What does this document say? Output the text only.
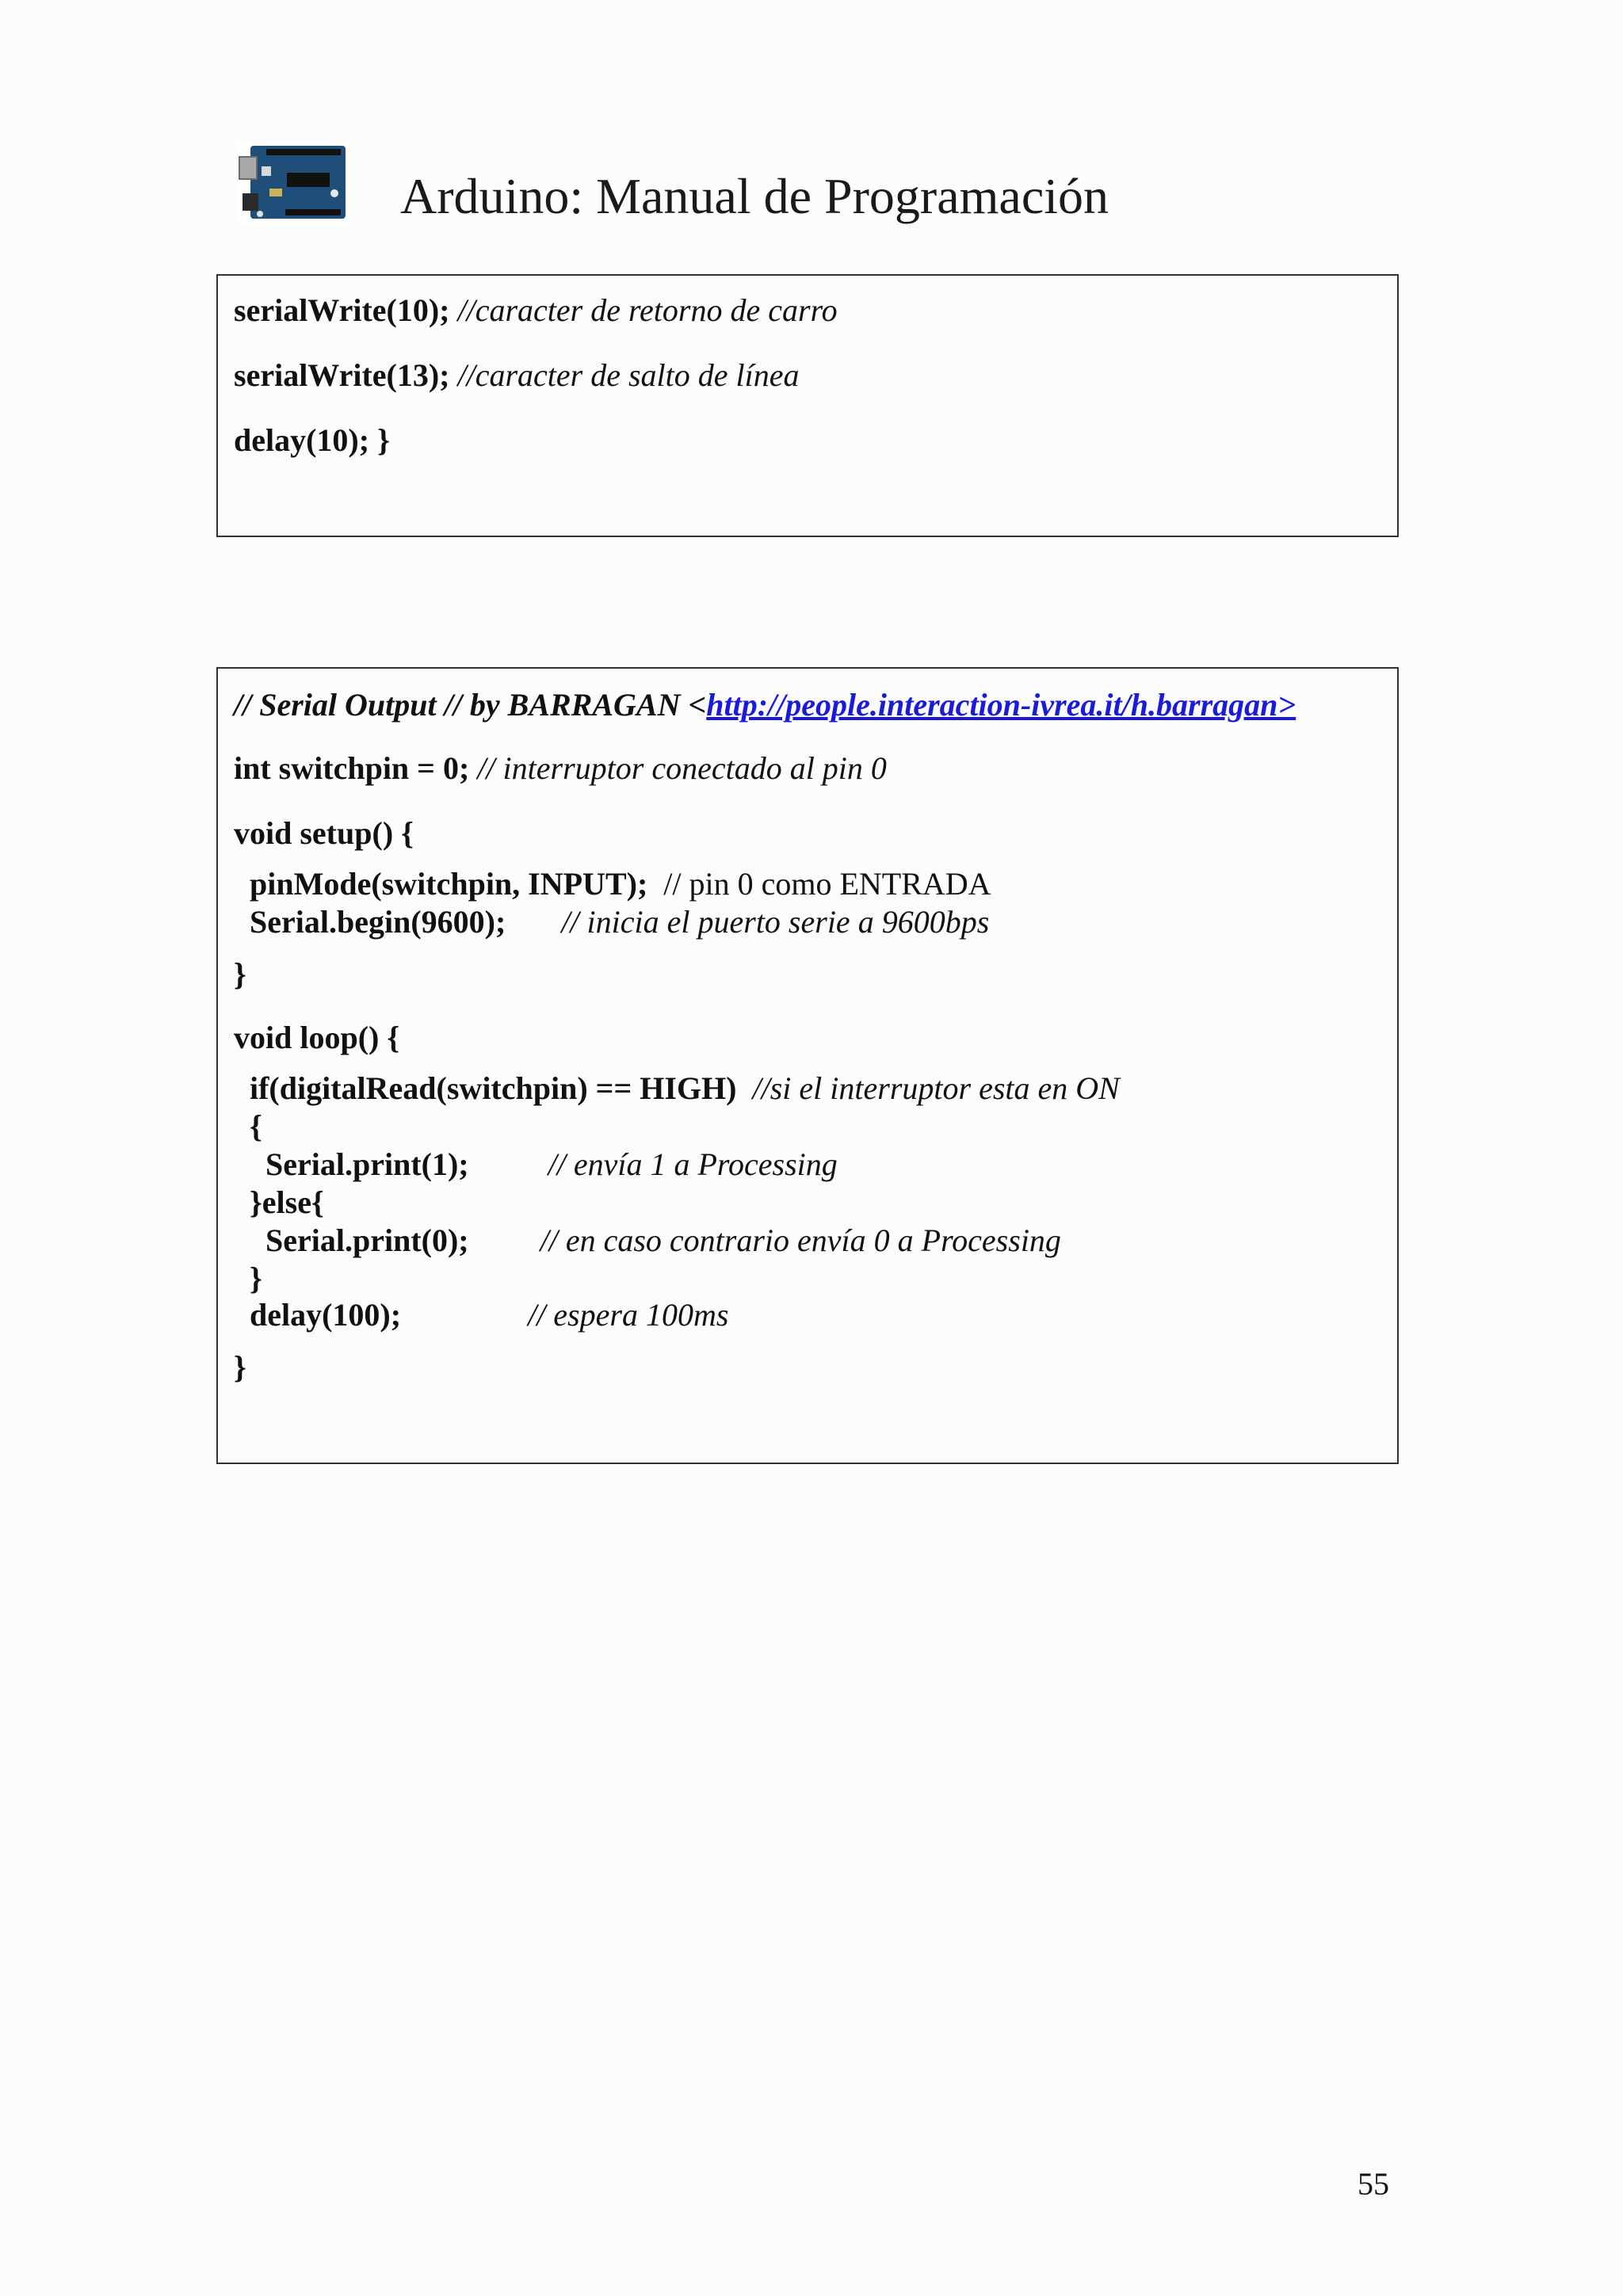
Arduino: Manual de Programación
serialWrite(10); //caracter de retorno de carro
serialWrite(13); //caracter de salto de línea
delay(10); }
// Serial Output // by BARRAGAN <http://people.interaction-ivrea.it/h.barragan>
int switchpin = 0; // interruptor conectado al pin 0
void setup() {
pinMode(switchpin, INPUT);  // pin 0 como ENTRADA
Serial.begin(9600);       // inicia el puerto serie a 9600bps
}
void loop() {
if(digitalRead(switchpin) == HIGH)  //si el interruptor esta en ON
{
Serial.print(1);          // envía 1 a Processing
}else{
Serial.print(0);         // en caso contrario envía 0 a Processing
}
delay(100);                // espera 100ms
}
55
